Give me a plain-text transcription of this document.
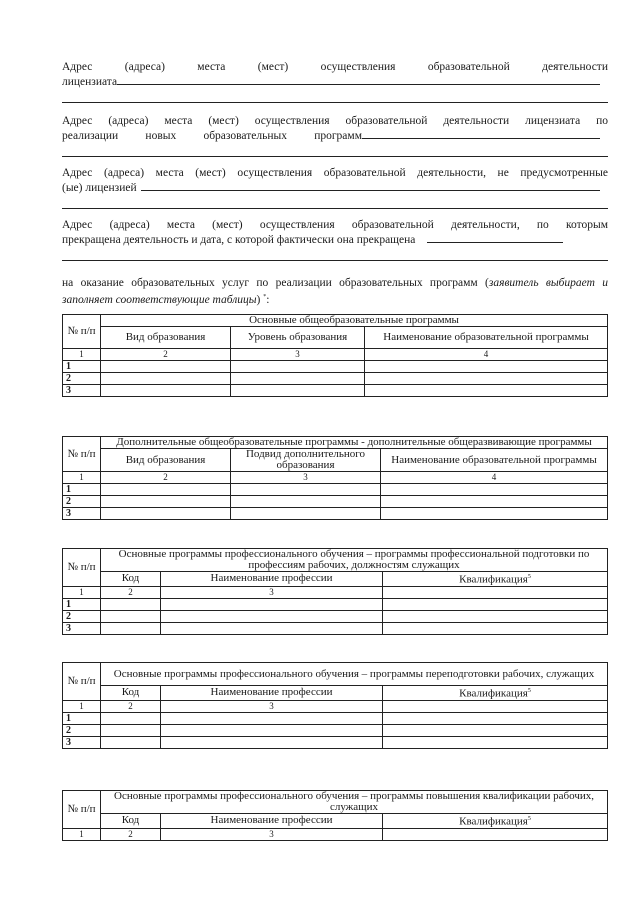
Адрес	(адреса)	места	(мест)	осуществления	образовательной	деятельности
лицензиата
Адрес (адреса) места (мест) осуществления образовательной деятельности лицензиата по
реализации новых образовательных программ
Адрес (адреса) места (мест) осуществления образовательной деятельности, не предусмотренные
(ые) лицензией
Адрес (адреса) места (мест) осуществления образовательной деятельности, по которым
прекращена деятельность и дата, с которой фактически она прекращена
на оказание образовательных услуг по реализации образовательных программ (заявитель выбирает и заполняет соответствующие таблицы) *:
№ п/п	Основные общеобразовательные программы		
	Вид образования	Уровень образования	Наименование образовательной программы
1	2	3	4
1			
2			
3			
№ п/п	Дополнительные общеобразовательные программы - дополнительные общеразвивающие программы		
	Вид образования	Подвид дополнительного образования	Наименование образовательной программы
1	2	3	4
1			
2			
3			
№ п/п	Основные программы профессионального обучения – программы профессиональной подготовки по профессиям рабочих, должностям служащих		
	Код	Наименование профессии	Квалификация$^5$
1	2	3	
1			
2			
3			
№ п/п	Основные программы профессионального обучения – программы переподготовки рабочих, служащих		
	Код	Наименование профессии	Квалификация$^5$
1	2	3	
1			
2			
3			
№ п/п	Основные программы профессионального обучения – программы повышения квалификации рабочих, служащих		
	Код	Наименование профессии	Квалификация$^5$
1	2	3	
